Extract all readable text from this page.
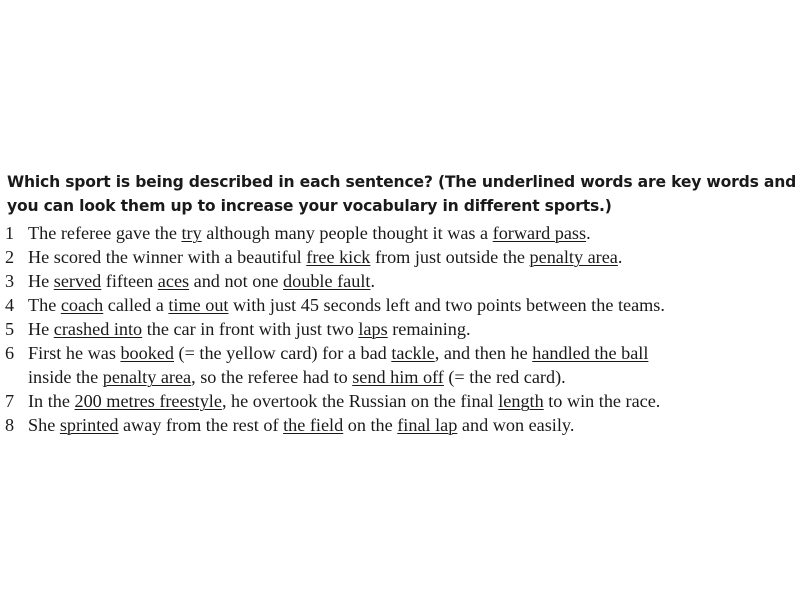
Which sport is being described in each sentence? (The underlined words are key words and you can look them up to increase your vocabulary in different sports.)
1 The referee gave the try although many people thought it was a forward pass.
2 He scored the winner with a beautiful free kick from just outside the penalty area.
3 He served fifteen aces and not one double fault.
4 The coach called a time out with just 45 seconds left and two points between the teams.
5 He crashed into the car in front with just two laps remaining.
6 First he was booked (= the yellow card) for a bad tackle, and then he handled the ball
inside the penalty area, so the referee had to send him off (= the red card).
7 In the 200 metres freestyle, he overtook the Russian on the final length to win the race.
8 She sprinted away from the rest of the field on the final lap and won easily.
